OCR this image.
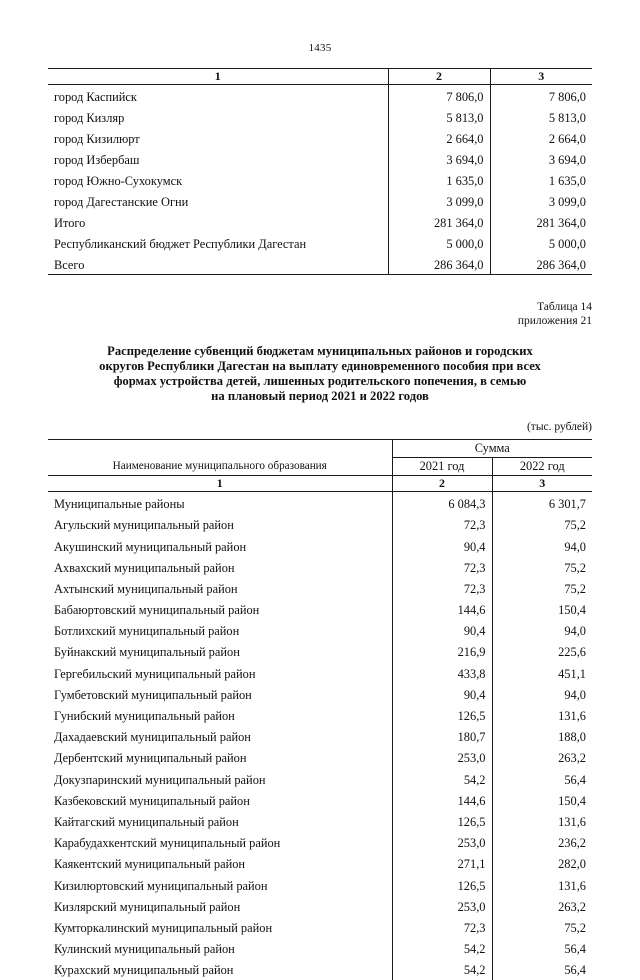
1435
1	2	3
город Каспийск	7 806,0	7 806,0
город Кизляр	5 813,0	5 813,0
город Кизилюрт	2 664,0	2 664,0
город Избербаш	3 694,0	3 694,0
город Южно-Сухокумск	1 635,0	1 635,0
город Дагестанские Огни	3 099,0	3 099,0
Итого	281 364,0	281 364,0
Республиканский бюджет Республики Дагестан	5 000,0	5 000,0
Всего	286 364,0	286 364,0
Таблица 14
приложения 21
Распределение субвенций бюджетам муниципальных районов и городских
округов Республики Дагестан на выплату единовременного пособия при всех
формах устройства детей, лишенных родительского попечения, в семью
на плановый период 2021 и 2022 годов
(тыс. рублей)
Наименование муниципального образования	Сумма	
	2021 год	2022 год
1	2	3
Муниципальные районы	6 084,3	6 301,7
Агульский муниципальный район	72,3	75,2
Акушинский муниципальный район	90,4	94,0
Ахвахский муниципальный район	72,3	75,2
Ахтынский муниципальный район	72,3	75,2
Бабаюртовский муниципальный район	144,6	150,4
Ботлихский муниципальный район	90,4	94,0
Буйнакский муниципальный район	216,9	225,6
Гергебильский муниципальный район	433,8	451,1
Гумбетовский муниципальный район	90,4	94,0
Гунибский муниципальный район	126,5	131,6
Дахадаевский муниципальный район	180,7	188,0
Дербентский муниципальный район	253,0	263,2
Докузпаринский муниципальный район	54,2	56,4
Казбековский муниципальный район	144,6	150,4
Кайтагский муниципальный район	126,5	131,6
Карабудахкентский муниципальный район	253,0	236,2
Каякентский муниципальный район	271,1	282,0
Кизилюртовский муниципальный район	126,5	131,6
Кизлярский муниципальный район	253,0	263,2
Кумторкалинский муниципальный район	72,3	75,2
Кулинский муниципальный район	54,2	56,4
Курахский муниципальный район	54,2	56,4
